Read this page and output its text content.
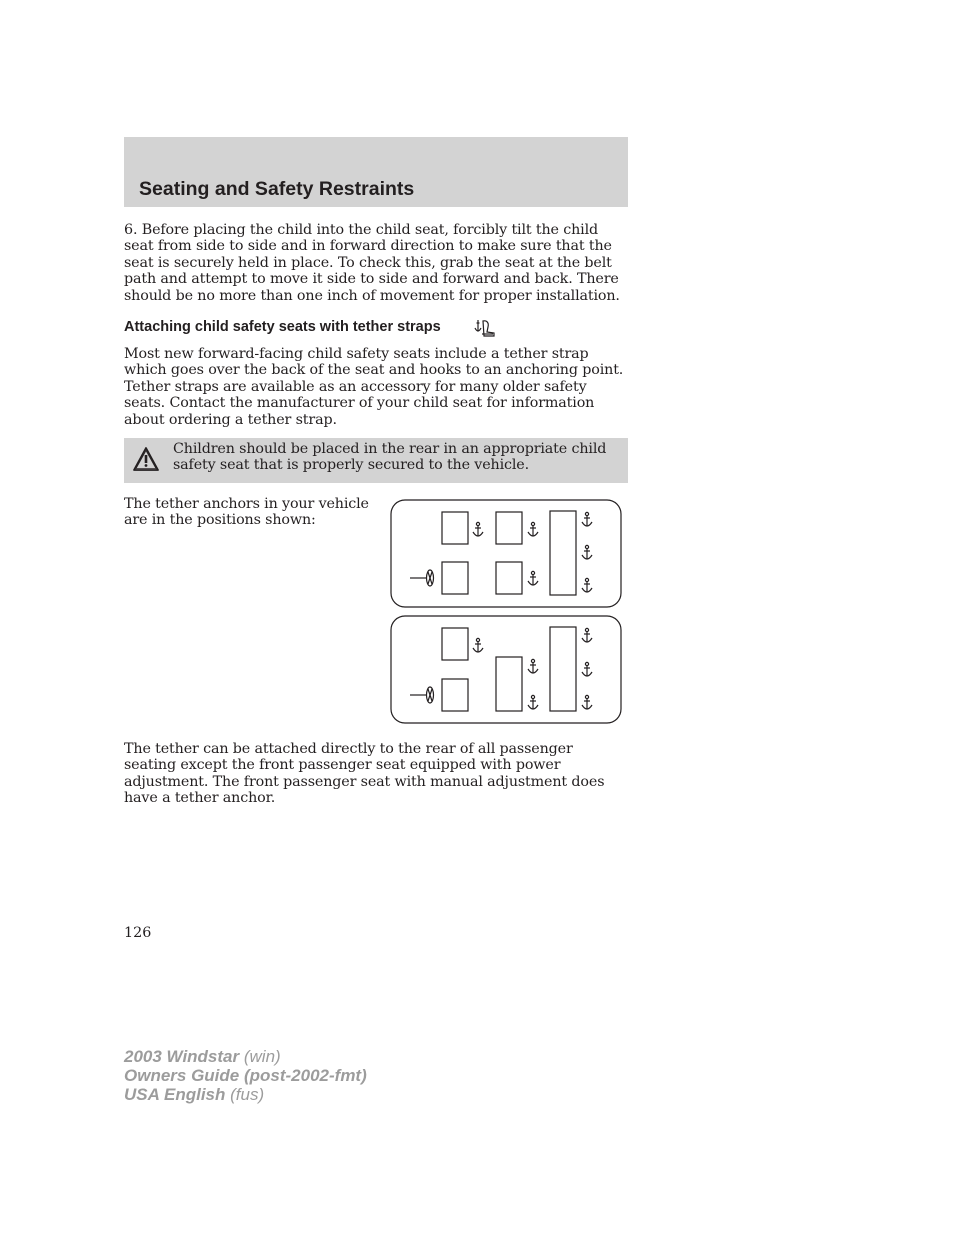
Seating and Safety Restraints

6. Before placing the child into the child seat, forcibly tilt the child seat from side to side and in forward direction to make sure that the seat is securely held in place. To check this, grab the seat at the belt path and attempt to move it side to side and forward and back. There should be no more than one inch of movement for proper installation.

Attaching child safety seats with tether straps

Most new forward-facing child safety seats include a tether strap which goes over the back of the seat and hooks to an anchoring point. Tether straps are available as an accessory for many older safety seats. Contact the manufacturer of your child seat for information about ordering a tether strap.

Children should be placed in the rear in an appropriate child safety seat that is properly secured to the vehicle.

The tether anchors in your vehicle are in the positions shown:

The tether can be attached directly to the rear of all passenger seating except the front passenger seat equipped with power adjustment. The front passenger seat with manual adjustment does have a tether anchor.

126

2003 Windstar (win)
Owners Guide (post-2002-fmt)
USA English (fus)
